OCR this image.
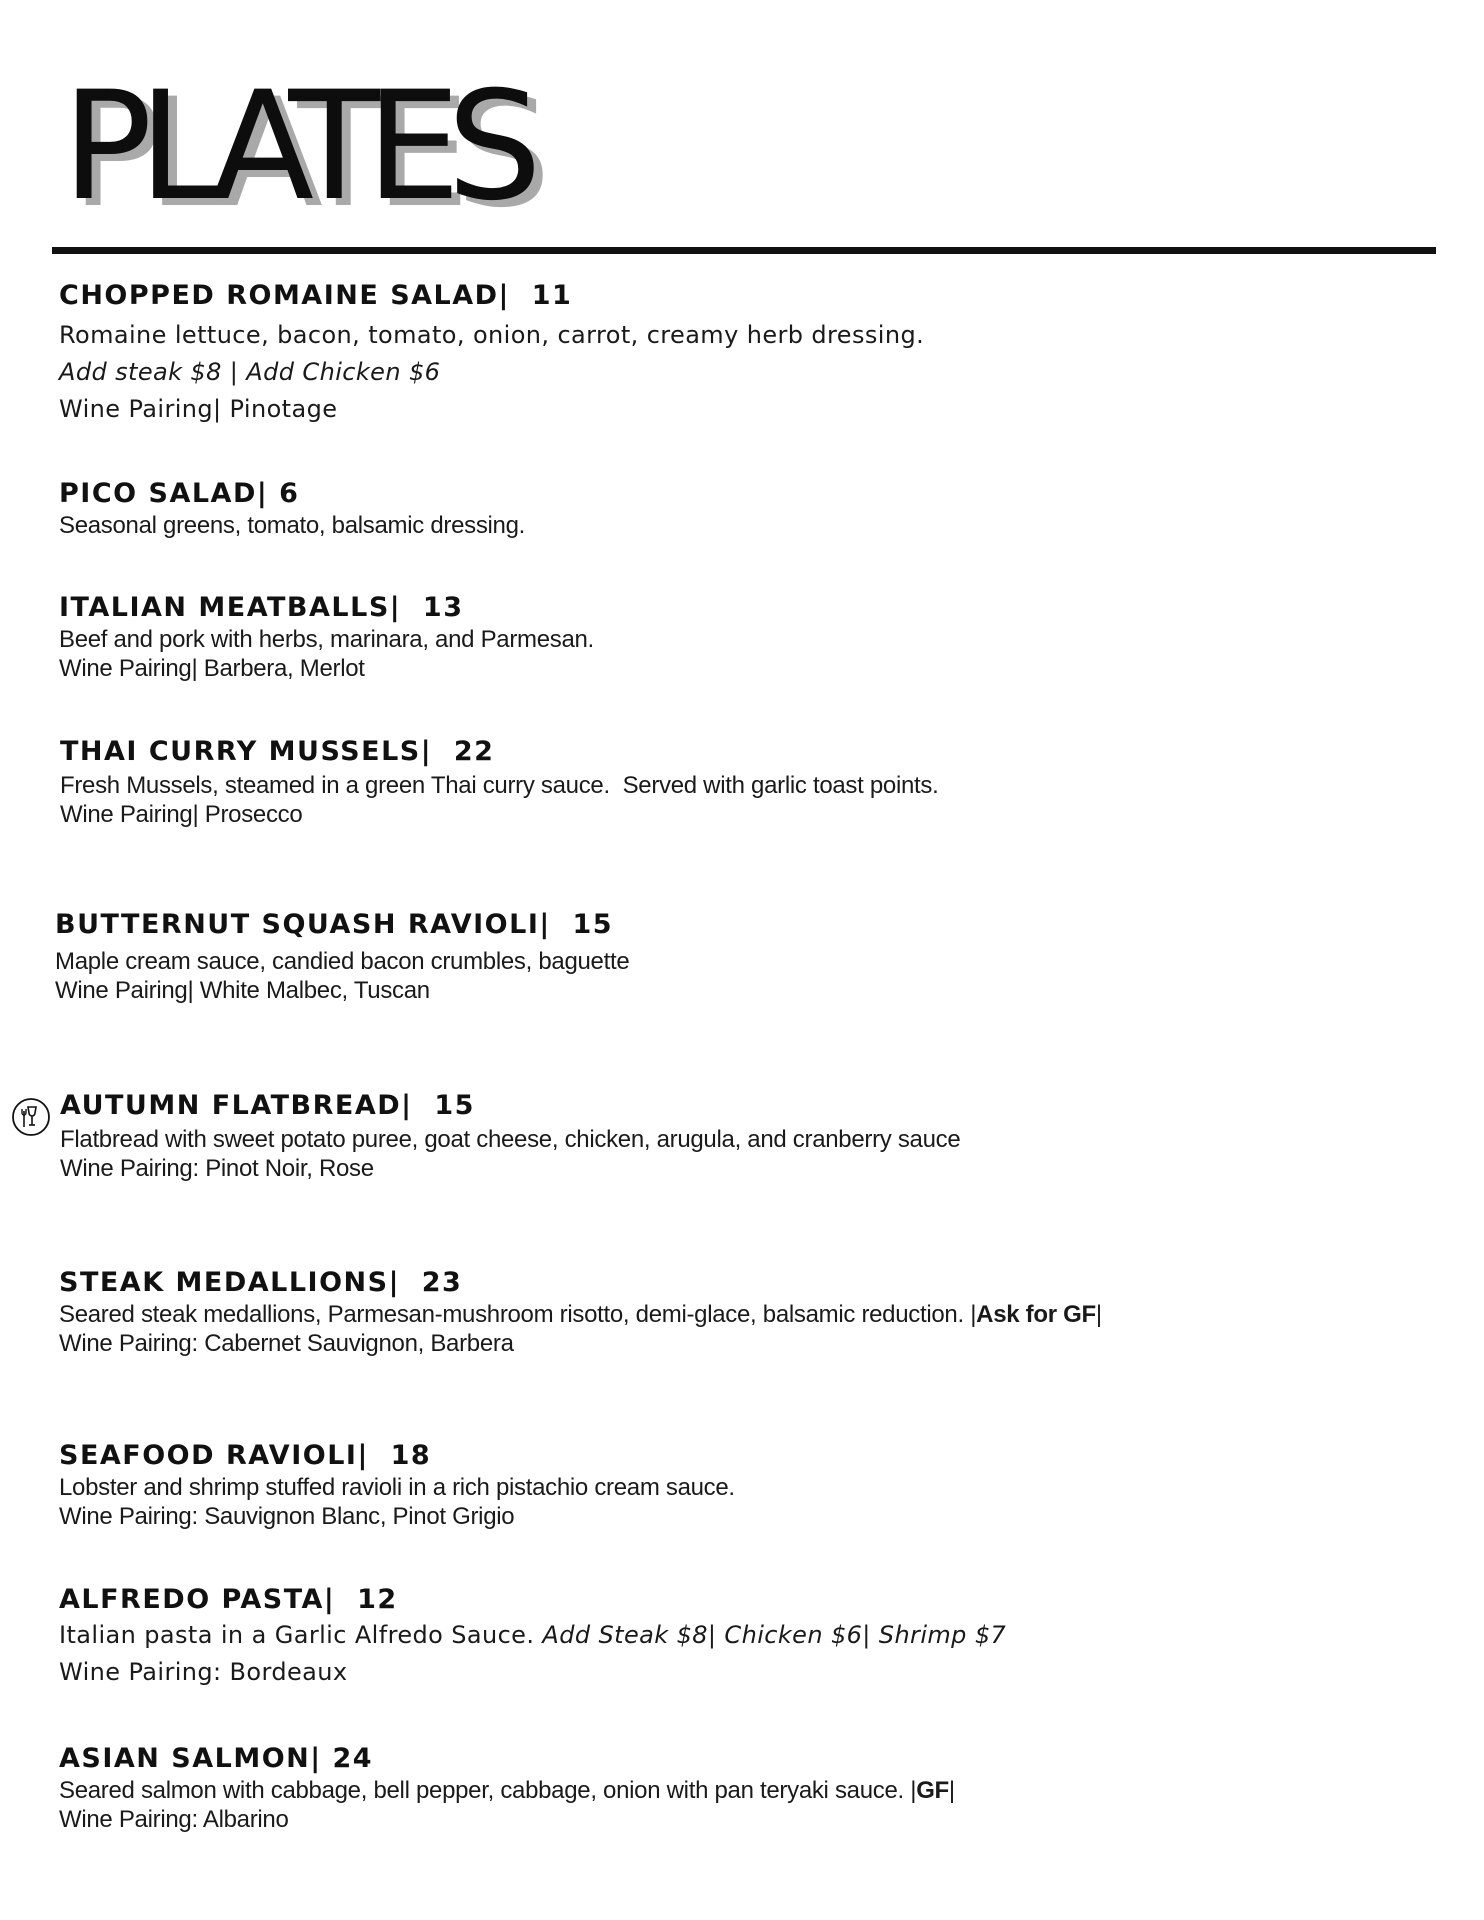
PLATES
CHOPPED ROMAINE SALAD|  11
Romaine lettuce, bacon, tomato, onion, carrot, creamy herb dressing.
Add steak $8 | Add Chicken $6
Wine Pairing| Pinotage
PICO SALAD| 6
Seasonal greens, tomato, balsamic dressing.
ITALIAN MEATBALLS|  13
Beef and pork with herbs, marinara, and Parmesan.
Wine Pairing| Barbera, Merlot
THAI CURRY MUSSELS|  22
Fresh Mussels, steamed in a green Thai curry sauce.  Served with garlic toast points.
Wine Pairing| Prosecco
BUTTERNUT SQUASH RAVIOLI|  15
Maple cream sauce, candied bacon crumbles, baguette
Wine Pairing| White Malbec, Tuscan
AUTUMN FLATBREAD|  15
Flatbread with sweet potato puree, goat cheese, chicken, arugula, and cranberry sauce
Wine Pairing: Pinot Noir, Rose
STEAK MEDALLIONS|  23
Seared steak medallions, Parmesan-mushroom risotto, demi-glace, balsamic reduction. |Ask for GF|
Wine Pairing: Cabernet Sauvignon, Barbera
SEAFOOD RAVIOLI|  18
Lobster and shrimp stuffed ravioli in a rich pistachio cream sauce.
Wine Pairing: Sauvignon Blanc, Pinot Grigio
ALFREDO PASTA|  12
Italian pasta in a Garlic Alfredo Sauce. Add Steak $8| Chicken $6| Shrimp $7
Wine Pairing: Bordeaux
ASIAN SALMON| 24
Seared salmon with cabbage, bell pepper, cabbage, onion with pan teryaki sauce. |GF|
Wine Pairing: Albarino
